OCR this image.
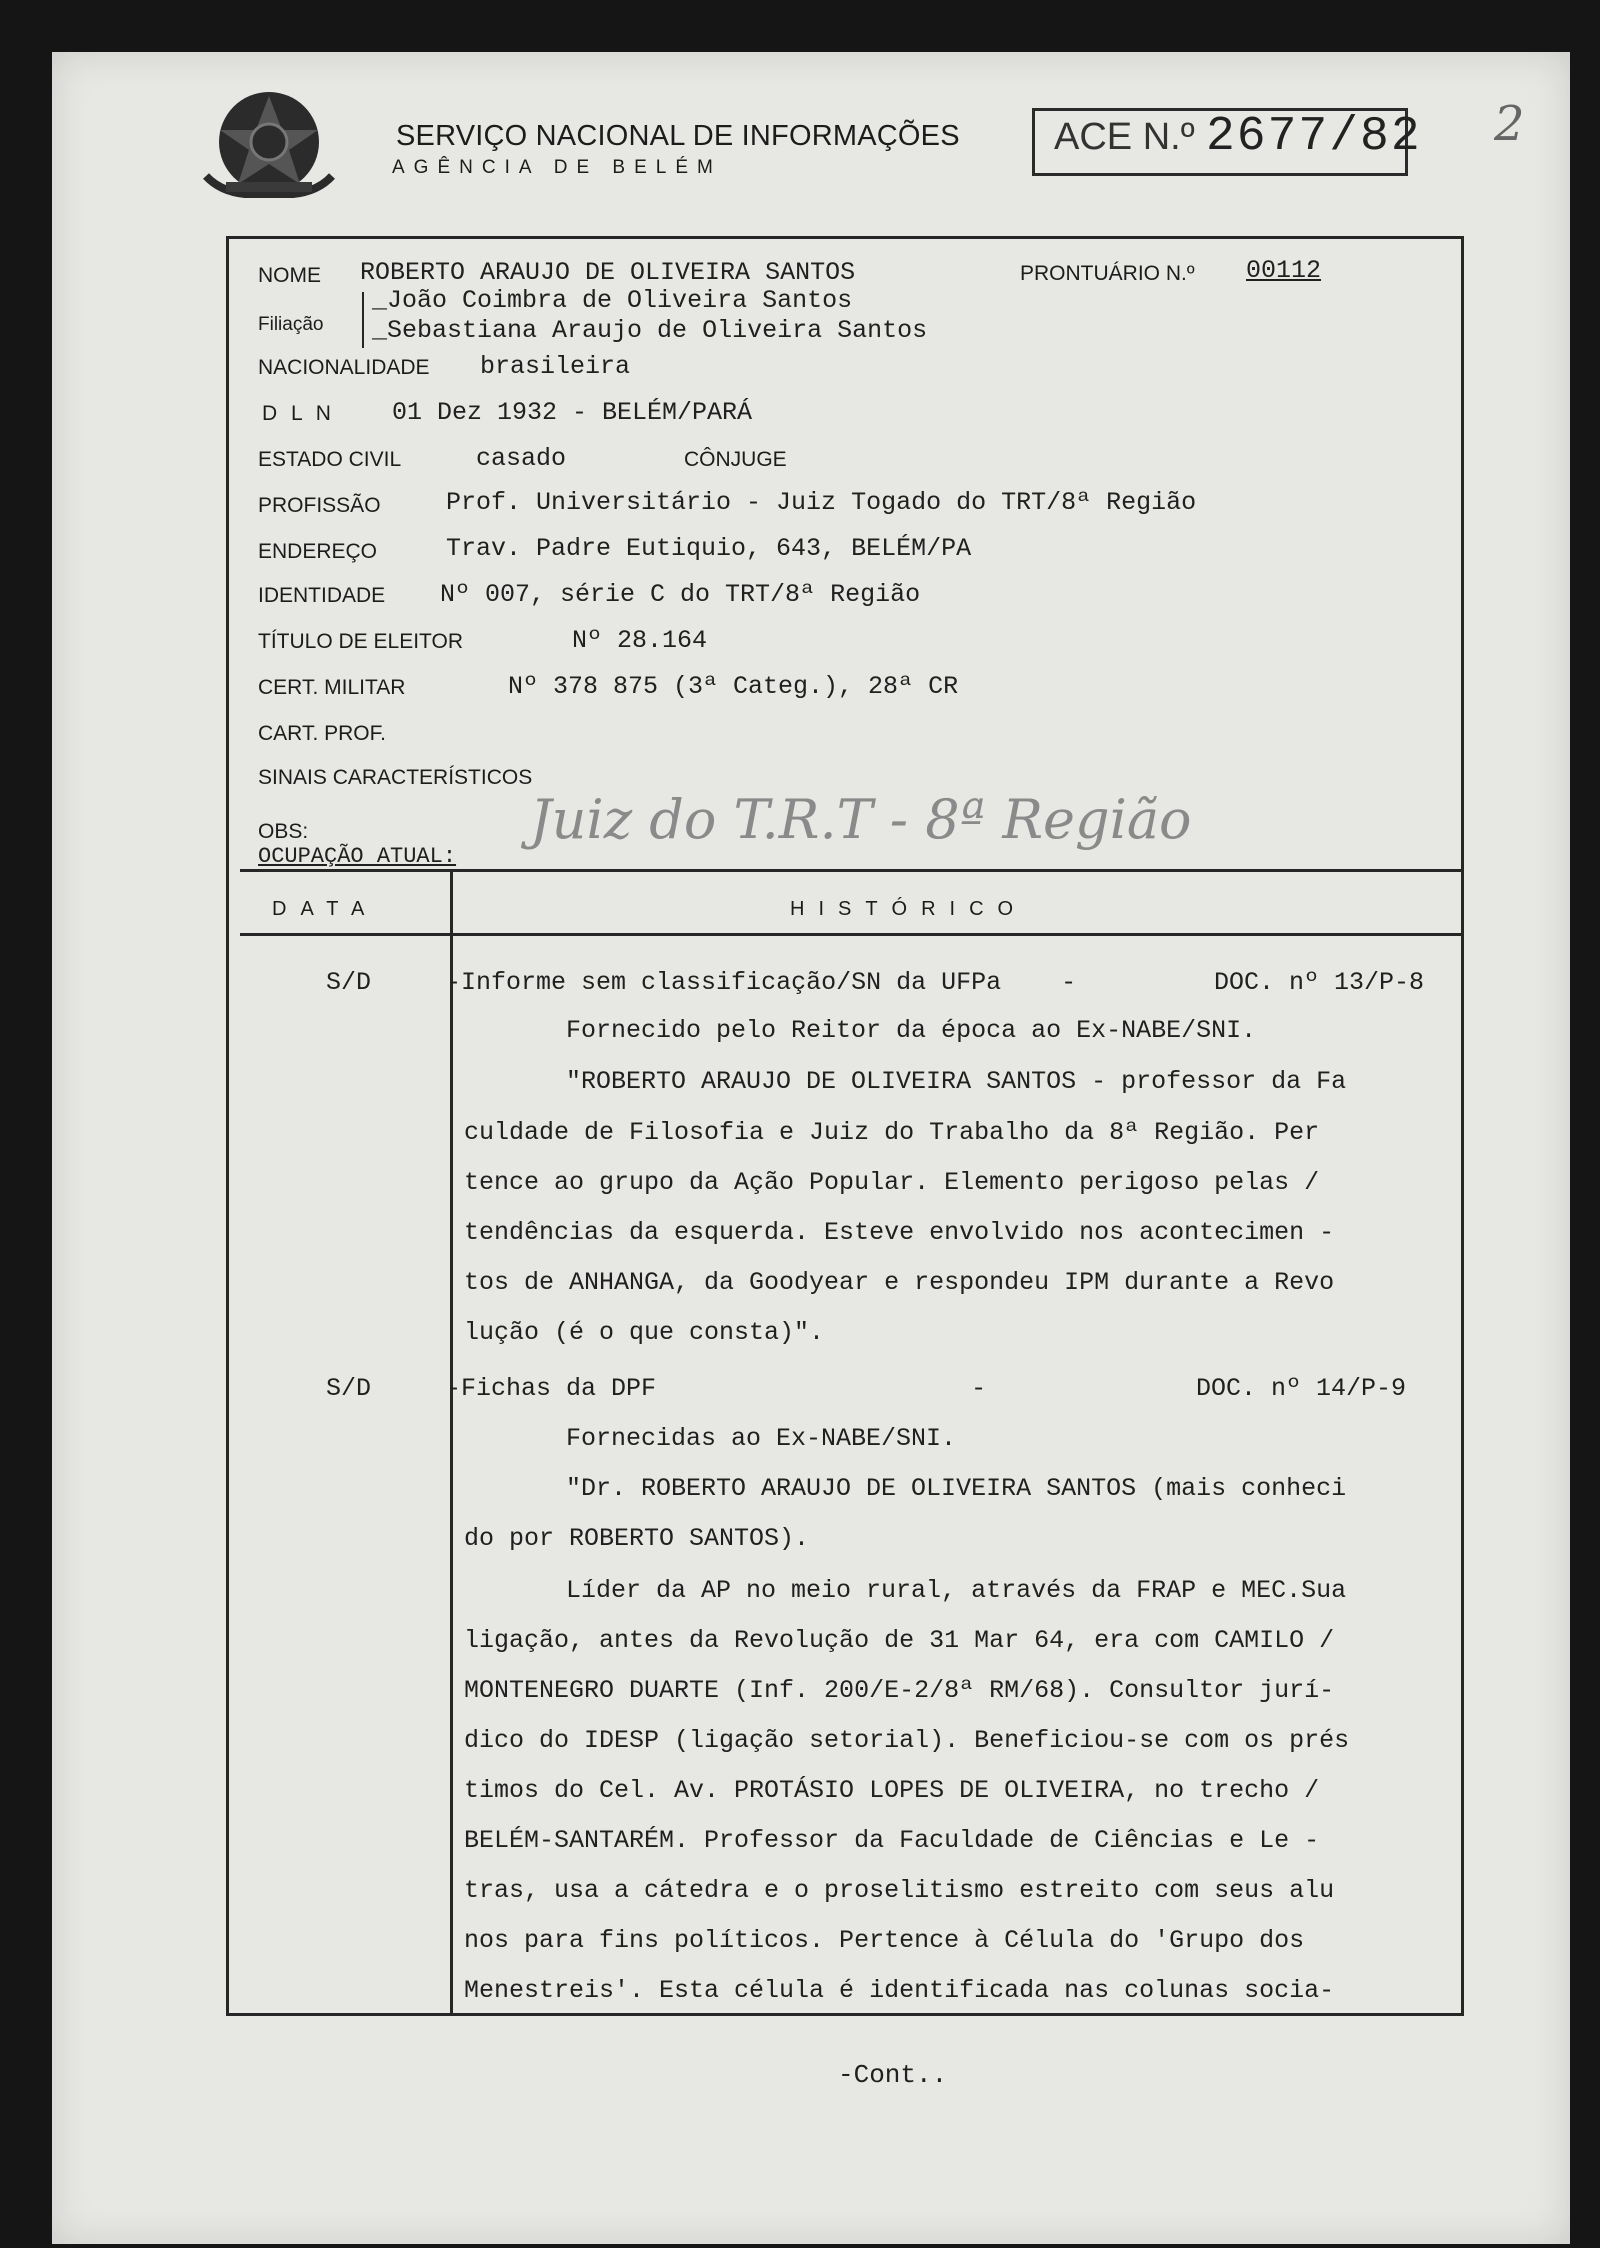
SERVIÇO NACIONAL DE INFORMAÇÕES
AGÊNCIA DE BELÉM
ACE N.º 2677/82 2
NOME ROBERTO ARAUJO DE OLIVEIRA SANTOS	PRONTUÁRIO N.º 00112
Filiação
_João Coimbra de Oliveira Santos
_Sebastiana Araujo de Oliveira Santos
NACIONALIDADE brasileira
D L N 01 Dez 1932 - BELÉM/PARÁ
ESTADO CIVIL	casado	CÔNJUGE
PROFISSÃO	Prof. Universitário - Juiz Togado do TRT/8ª Região
ENDEREÇO	Trav. Padre Eutiquio, 643, BELÉM/PA
IDENTIDADE Nº 007, série C do TRT/8ª Região
TÍTULO DE ELEITOR	Nº 28.164
CERT. MILITAR	Nº 378 875 (3ª Categ.), 28ª CR
CART. PROF.
SINAIS CARACTERÍSTICOS
OBS:
OCUPAÇÃO ATUAL:
Juiz do T.R.T - 8ª Região
DATA	HISTÓRICO
S/D	-Informe sem classificação/SN da UFPa    -	DOC. nº 13/P-8
Fornecido pelo Reitor da época ao Ex-NABE/SNI.
"ROBERTO ARAUJO DE OLIVEIRA SANTOS - professor da Fa
culdade de Filosofia e Juiz do Trabalho da 8ª Região. Per
tence ao grupo da Ação Popular. Elemento perigoso pelas /
tendências da esquerda. Esteve envolvido nos acontecimen -
tos de ANHANGA, da Goodyear e respondeu IPM durante a Revo
lução (é o que consta)".
S/D	-Fichas da DPF                     -	DOC. nº 14/P-9
Fornecidas ao Ex-NABE/SNI.
"Dr. ROBERTO ARAUJO DE OLIVEIRA SANTOS (mais conheci
do por ROBERTO SANTOS).
Líder da AP no meio rural, através da FRAP e MEC.Sua
ligação, antes da Revolução de 31 Mar 64, era com CAMILO /
MONTENEGRO DUARTE (Inf. 200/E-2/8ª RM/68). Consultor jurí-
dico do IDESP (ligação setorial). Beneficiou-se com os prés
timos do Cel. Av. PROTÁSIO LOPES DE OLIVEIRA, no trecho /
BELÉM-SANTARÉM. Professor da Faculdade de Ciências e Le -
tras, usa a cátedra e o proselitismo estreito com seus alu
nos para fins políticos. Pertence à Célula do 'Grupo dos
Menestreis'. Esta célula é identificada nas colunas socia-
-Cont..
